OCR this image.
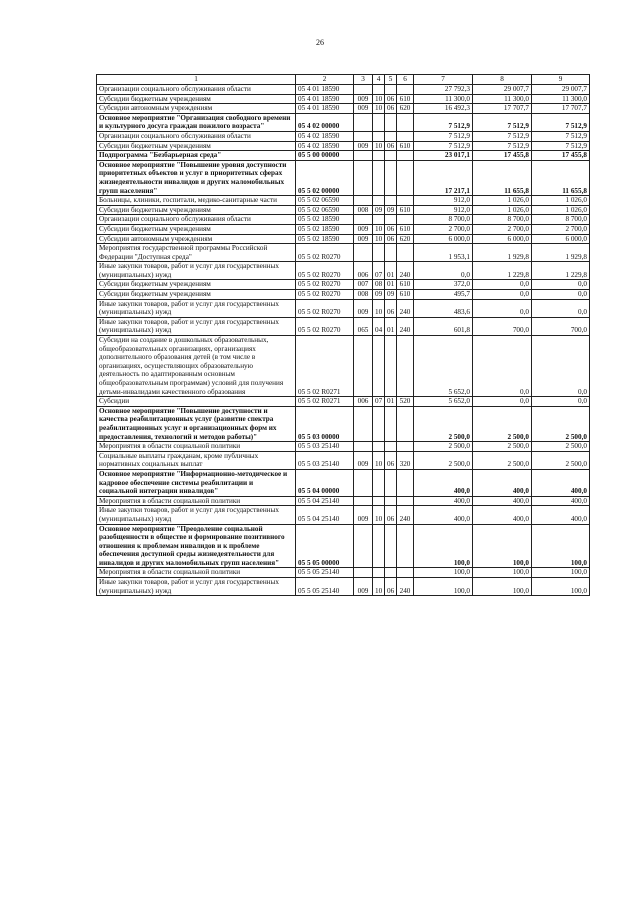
26
1	2	3	4	5	6	7	8	9
Организации социального обслуживания области	05 4 01 18590					27 792,3	29 007,7	29 007,7
Субсидии бюджетным учреждениям	05 4 01 18590	009	10	06	610	11 300,0	11 300,0	11 300,0
Субсидии автономным учреждениям	05 4 01 18590	009	10	06	620	16 492,3	17 707,7	17 707,7
Основное мероприятие "Организация свободного времени и культурного досуга граждан пожилого возраста"	05 4 02 00000					7 512,9	7 512,9	7 512,9
Организации социального обслуживания области	05 4 02 18590					7 512,9	7 512,9	7 512,9
Субсидии бюджетным учреждениям	05 4 02 18590	009	10	06	610	7 512,9	7 512,9	7 512,9
Подпрограмма "Безбарьерная среда"	05 5 00 00000					23 017,1	17 455,8	17 455,8
Основное мероприятие "Повышение уровня доступности приоритетных объектов и услуг в приоритетных сферах жизнедеятельности инвалидов и других маломобильных групп населения"	05 5 02 00000					17 217,1	11 655,8	11 655,8
Больницы, клиники, госпитали, медико-санитарные части	05 5 02 06590					912,0	1 026,0	1 026,0
Субсидии бюджетным учреждениям	05 5 02 06590	008	09	09	610	912,0	1 026,0	1 026,0
Организации социального обслуживания области	05 5 02 18590					8 700,0	8 700,0	8 700,0
Субсидии бюджетным учреждениям	05 5 02 18590	009	10	06	610	2 700,0	2 700,0	2 700,0
Субсидии автономным учреждениям	05 5 02 18590	009	10	06	620	6 000,0	6 000,0	6 000,0
Мероприятия государственной программы Российской Федерации "Доступная среда"	05 5 02 R0270					1 953,1	1 929,8	1 929,8
Иные закупки товаров, работ и услуг для государственных (муниципальных) нужд	05 5 02 R0270	006	07	01	240	0,0	1 229,8	1 229,8
Субсидии бюджетным учреждениям	05 5 02 R0270	007	08	01	610	372,0	0,0	0,0
Субсидии бюджетным учреждениям	05 5 02 R0270	008	09	09	610	495,7	0,0	0,0
Иные закупки товаров, работ и услуг для государственных (муниципальных) нужд	05 5 02 R0270	009	10	06	240	483,6	0,0	0,0
Иные закупки товаров, работ и услуг для государственных (муниципальных) нужд	05 5 02 R0270	065	04	01	240	601,8	700,0	700,0
Субсидии на создание в дошкольных образовательных, общеобразовательных организациях, организациях дополнительного образования детей (в том числе в организациях, осуществляющих образовательную деятельность по адаптированным основным общеобразовательным программам) условий для получения детьми-инвалидами качественного образования	05 5 02 R0271					5 652,0	0,0	0,0
Субсидии	05 5 02 R0271	006	07	01	520	5 652,0	0,0	0,0
Основное мероприятие "Повышение доступности и качества реабилитационных услуг (развитие спектра реабилитационных услуг и организационных форм их предоставления, технологий и методов работы)"	05 5 03 00000					2 500,0	2 500,0	2 500,0
Мероприятия в области социальной политики	05 5 03 25140					2 500,0	2 500,0	2 500,0
Социальные выплаты гражданам, кроме публичных нормативных социальных выплат	05 5 03 25140	009	10	06	320	2 500,0	2 500,0	2 500,0
Основное мероприятие "Информационно-методическое и кадровое обеспечение системы реабилитации и социальной интеграции инвалидов"	05 5 04 00000					400,0	400,0	400,0
Мероприятия в области социальной политики	05 5 04 25140					400,0	400,0	400,0
Иные закупки товаров, работ и услуг для государственных (муниципальных) нужд	05 5 04 25140	009	10	06	240	400,0	400,0	400,0
Основное мероприятие "Преодоление социальной разобщенности в обществе и формирование позитивного отношения к проблемам инвалидов и к проблеме обеспечения доступной среды жизнедеятельности для инвалидов и других маломобильных групп населения"	05 5 05 00000					100,0	100,0	100,0
Мероприятия в области социальной политики	05 5 05 25140					100,0	100,0	100,0
Иные закупки товаров, работ и услуг для государственных (муниципальных) нужд	05 5 05 25140	009	10	06	240	100,0	100,0	100,0
